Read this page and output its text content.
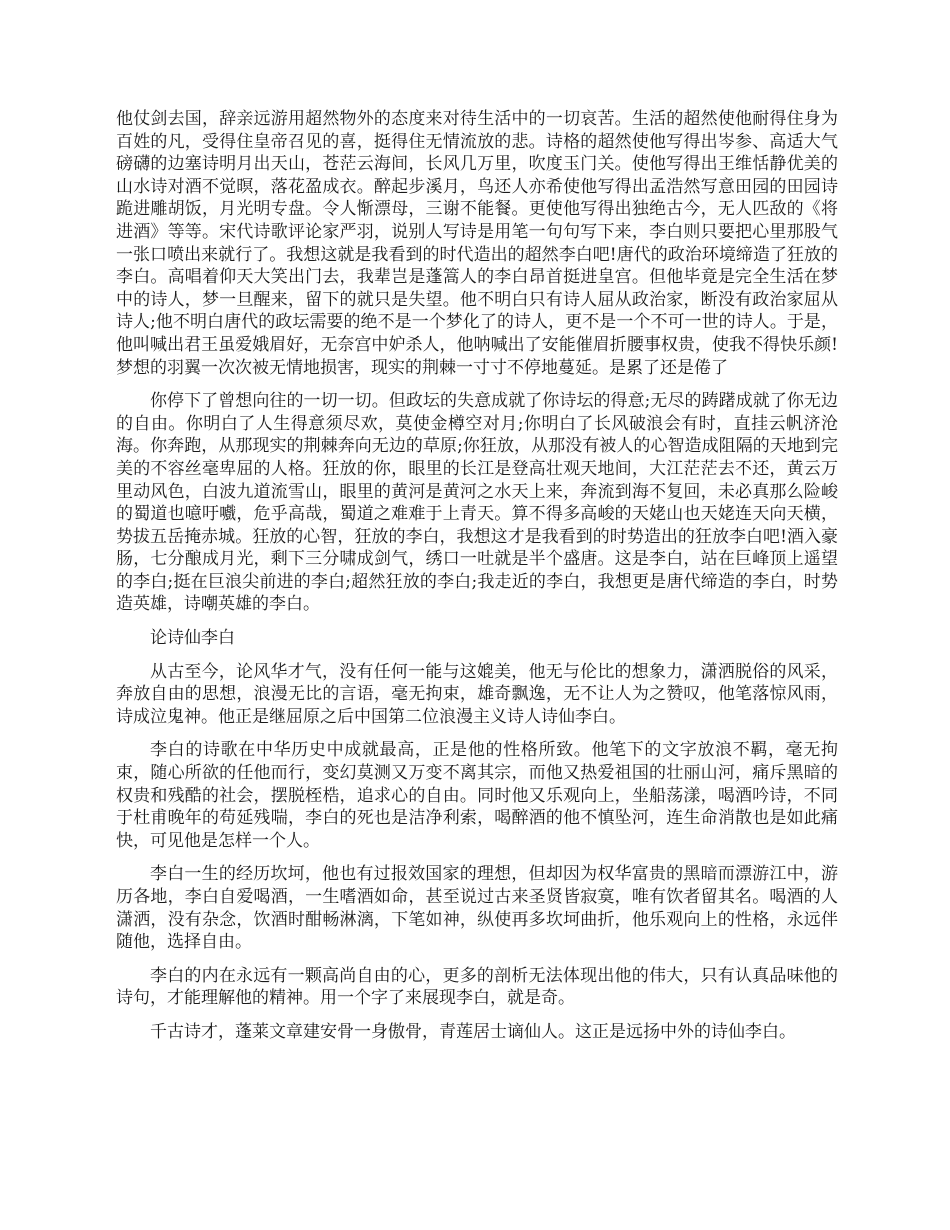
他仗剑去国，辞亲远游用超然物外的态度来对待生活中的一切哀苦。生活的超然使他耐得住身为百姓的凡，受得住皇帝召见的喜，挺得住无情流放的悲。诗格的超然使他写得出岑参、高适大气磅礴的边塞诗明月出天山，苍茫云海间，长风几万里，吹度玉门关。使他写得出王维恬静优美的山水诗对酒不觉暝，落花盈成衣。醉起步溪月，鸟还人亦希使他写得出孟浩然写意田园的田园诗跪进雕胡饭，月光明专盘。令人惭漂母，三谢不能餐。更使他写得出独绝古今，无人匹敌的《将进酒》等等。宋代诗歌评论家严羽，说别人写诗是用笔一句句写下来，李白则只要把心里那股气一张口喷出来就行了。我想这就是我看到的时代造出的超然李白吧!唐代的政治环境缔造了狂放的李白。高唱着仰天大笑出门去，我辈岂是蓬篙人的李白昂首挺进皇宫。但他毕竟是完全生活在梦中的诗人，梦一旦醒来，留下的就只是失望。他不明白只有诗人屈从政治家，断没有政治家屈从诗人;他不明白唐代的政坛需要的绝不是一个梦化了的诗人，更不是一个不可一世的诗人。于是，他叫喊出君王虽爱娥眉好，无奈宫中妒杀人，他呐喊出了安能催眉折腰事权贵，使我不得快乐颜!梦想的羽翼一次次被无情地损害，现实的荆棘一寸寸不停地蔓延。是累了还是倦了

你停下了曾想向往的一切一切。但政坛的失意成就了你诗坛的得意;无尽的踌躇成就了你无边的自由。你明白了人生得意须尽欢，莫使金樽空对月;你明白了长风破浪会有时，直挂云帆济沧海。你奔跑，从那现实的荆棘奔向无边的草原;你狂放，从那没有被人的心智造成阻隔的天地到完美的不容丝毫卑屈的人格。狂放的你，眼里的长江是登高壮观天地间，大江茫茫去不还，黄云万里动风色，白波九道流雪山，眼里的黄河是黄河之水天上来，奔流到海不复回，未必真那么险峻的蜀道也噫吁嚱，危乎高哉，蜀道之难难于上青天。算不得多高峻的天姥山也天姥连天向天横，势拔五岳掩赤城。狂放的心智，狂放的李白，我想这才是我看到的时势造出的狂放李白吧!酒入豪肠，七分酿成月光，剩下三分啸成剑气，绣口一吐就是半个盛唐。这是李白，站在巨峰顶上遥望的李白;挺在巨浪尖前进的李白;超然狂放的李白;我走近的李白，我想更是唐代缔造的李白，时势造英雄，诗嘲英雄的李白。

论诗仙李白

从古至今，论风华才气，没有任何一能与这媲美，他无与伦比的想象力，潇洒脱俗的风采，奔放自由的思想，浪漫无比的言语，毫无拘束，雄奇飘逸，无不让人为之赞叹，他笔落惊风雨，诗成泣鬼神。他正是继屈原之后中国第二位浪漫主义诗人诗仙李白。

李白的诗歌在中华历史中成就最高，正是他的性格所致。他笔下的文字放浪不羁，毫无拘束，随心所欲的任他而行，变幻莫测又万变不离其宗，而他又热爱祖国的壮丽山河，痛斥黑暗的权贵和残酷的社会，摆脱桎梏，追求心的自由。同时他又乐观向上，坐船荡漾，喝酒吟诗，不同于杜甫晚年的苟延残喘，李白的死也是洁净利索，喝醉酒的他不慎坠河，连生命消散也是如此痛快，可见他是怎样一个人。

李白一生的经历坎坷，他也有过报效国家的理想，但却因为权华富贵的黑暗而漂游江中，游历各地，李白自爱喝酒，一生嗜酒如命，甚至说过古来圣贤皆寂寞，唯有饮者留其名。喝酒的人潇洒，没有杂念，饮酒时酣畅淋漓，下笔如神，纵使再多坎坷曲折，他乐观向上的性格，永远伴随他，选择自由。

李白的内在永远有一颗高尚自由的心，更多的剖析无法体现出他的伟大，只有认真品味他的诗句，才能理解他的精神。用一个字了来展现李白，就是奇。

千古诗才，蓬莱文章建安骨一身傲骨，青莲居士谪仙人。这正是远扬中外的诗仙李白。
